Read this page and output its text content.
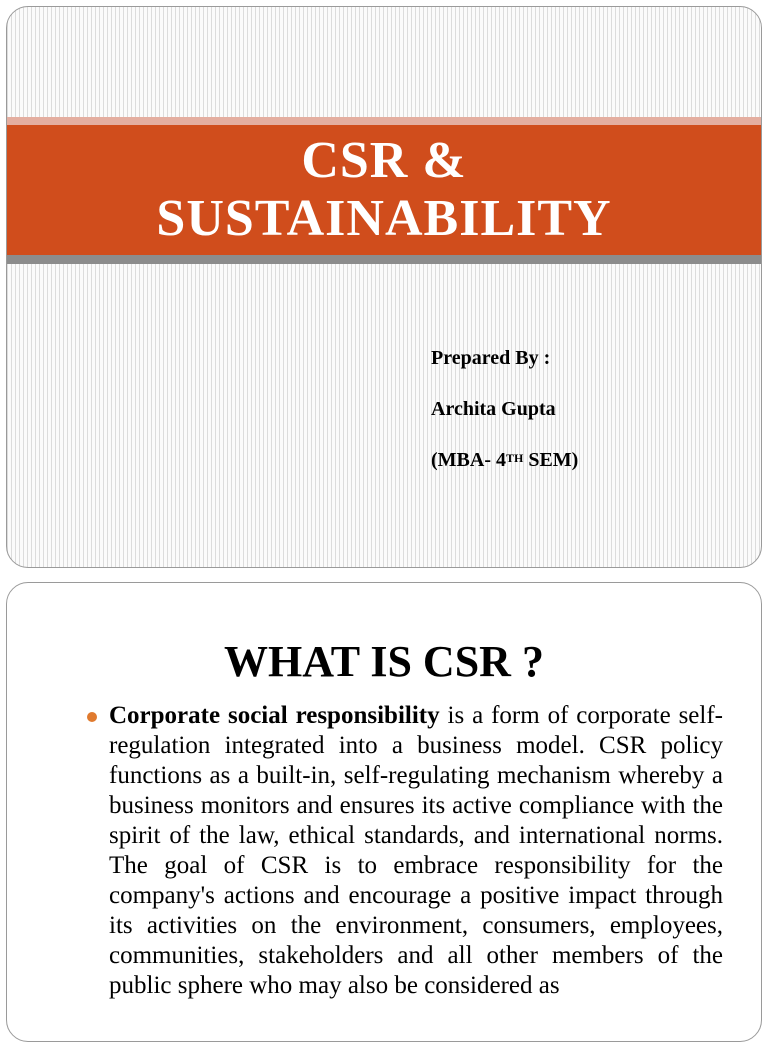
CSR &
SUSTAINABILITY
Prepared By :
Archita Gupta
(MBA- 4TH SEM)
WHAT IS CSR ?
Corporate social responsibility is a form of corporate self-regulation integrated into a business model. CSR policy functions as a built-in, self-regulating mechanism whereby a business monitors and ensures its active compliance with the spirit of the law, ethical standards, and international norms. The goal of CSR is to embrace responsibility for the company's actions and encourage a positive impact through its activities on the environment, consumers, employees, communities, stakeholders and all other members of the public sphere who may also be considered as
